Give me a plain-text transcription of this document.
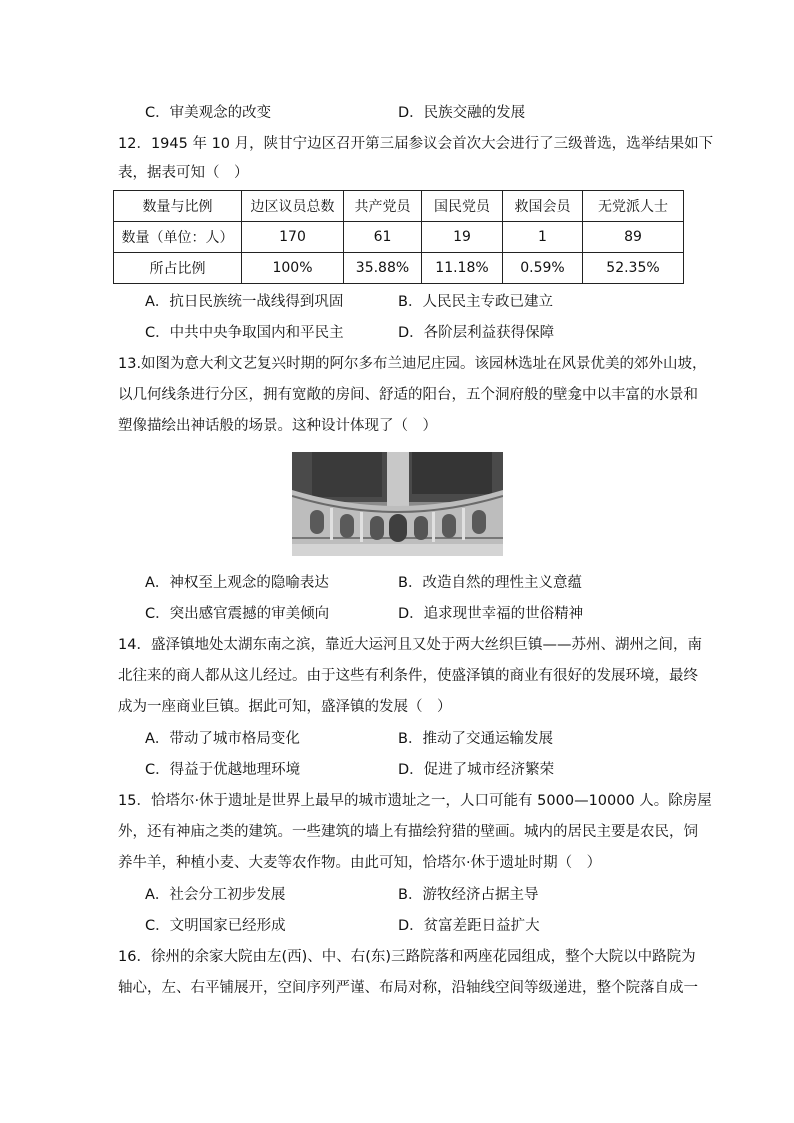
C．审美观念的改变	D．民族交融的发展
12．1945 年 10 月，陕甘宁边区召开第三届参议会首次大会进行了三级普选，选举结果如下
表，据表可知（　）
数量与比例	边区议员总数	共产党员	国民党员	救国会员	无党派人士
数量（单位：人）	170	61	19	1	89
所占比例	100%	35.88%	11.18%	0.59%	52.35%
A．抗日民族统一战线得到巩固	B．人民民主专政已建立
C．中共中央争取国内和平民主	D．各阶层利益获得保障
13.如图为意大利文艺复兴时期的阿尔多布兰迪尼庄园。该园林选址在风景优美的郊外山坡，
以几何线条进行分区，拥有宽敞的房间、舒适的阳台，五个洞府般的壁龛中以丰富的水景和
塑像描绘出神话般的场景。这种设计体现了（　）
A．神权至上观念的隐喻表达	B．改造自然的理性主义意蕴
C．突出感官震撼的审美倾向	D．追求现世幸福的世俗精神
14．盛泽镇地处太湖东南之滨，靠近大运河且又处于两大丝织巨镇——苏州、湖州之间，南
北往来的商人都从这儿经过。由于这些有利条件，使盛泽镇的商业有很好的发展环境，最终
成为一座商业巨镇。据此可知，盛泽镇的发展（　）
A．带动了城市格局变化	B．推动了交通运输发展
C．得益于优越地理环境	D．促进了城市经济繁荣
15．恰塔尔·休于遗址是世界上最早的城市遗址之一，人口可能有 5000—10000 人。除房屋
外，还有神庙之类的建筑。一些建筑的墙上有描绘狩猎的壁画。城内的居民主要是农民，饲
养牛羊，种植小麦、大麦等农作物。由此可知，恰塔尔·休于遗址时期（　）
A．社会分工初步发展	B．游牧经济占据主导
C．文明国家已经形成	D．贫富差距日益扩大
16．徐州的余家大院由左(西)、中、右(东)三路院落和两座花园组成，整个大院以中路院为
轴心，左、右平铺展开，空间序列严谨、布局对称，沿轴线空间等级递进，整个院落自成一
